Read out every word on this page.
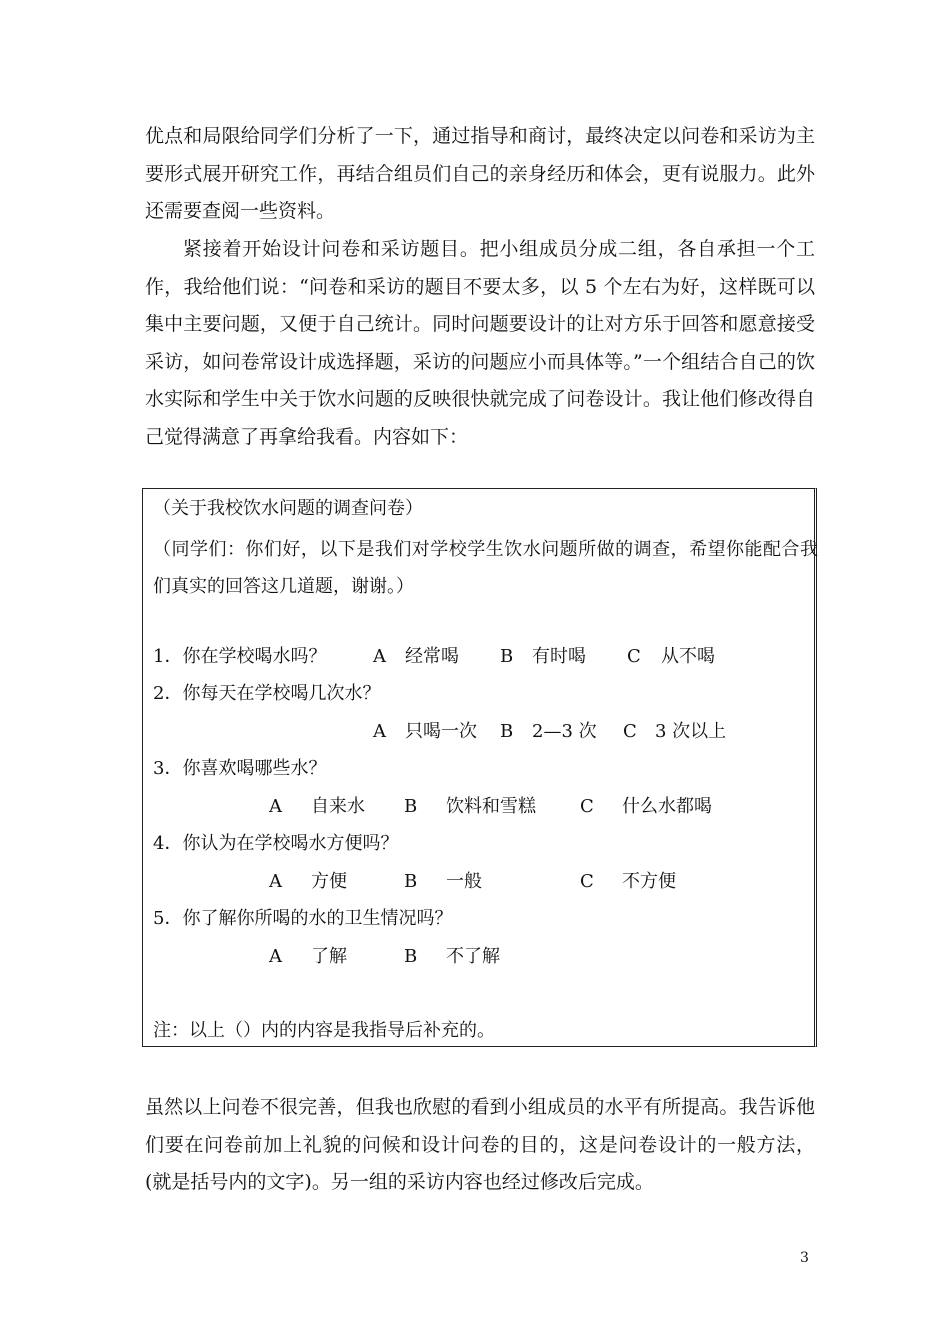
优点和局限给同学们分析了一下，通过指导和商讨，最终决定以问卷和采访为主要形式展开研究工作，再结合组员们自己的亲身经历和体会，更有说服力。此外还需要查阅一些资料。

紧接着开始设计问卷和采访题目。把小组成员分成二组，各自承担一个工作，我给他们说：“问卷和采访的题目不要太多，以 5 个左右为好，这样既可以集中主要问题，又便于自己统计。同时问题要设计的让对方乐于回答和愿意接受采访，如问卷常设计成选择题，采访的问题应小而具体等。”一个组结合自己的饮水实际和学生中关于饮水问题的反映很快就完成了问卷设计。我让他们修改得自己觉得满意了再拿给我看。内容如下：

（关于我校饮水问题的调查问卷）

（同学们：你们好，以下是我们对学校学生饮水问题所做的调查，希望你能配合我们真实的回答这几道题，谢谢。）

1．你在学校喝水吗？	A 经常喝 B 有时喝 C 从不喝

2．你每天在学校喝几次水？

A 只喝一次 B 2—3 次 C 3 次以上

3．你喜欢喝哪些水？

A 自来水 B 饮料和雪糕 C 什么水都喝

4．你认为在学校喝水方便吗？

A 方便	B 一般	C 不方便

5．你了解你所喝的水的卫生情况吗？

A 了解	B 不了解

注：以上（）内的内容是我指导后补充的。

虽然以上问卷不很完善，但我也欣慰的看到小组成员的水平有所提高。我告诉他们要在问卷前加上礼貌的问候和设计问卷的目的，这是问卷设计的一般方法，(就是括号内的文字)。另一组的采访内容也经过修改后完成。

3
